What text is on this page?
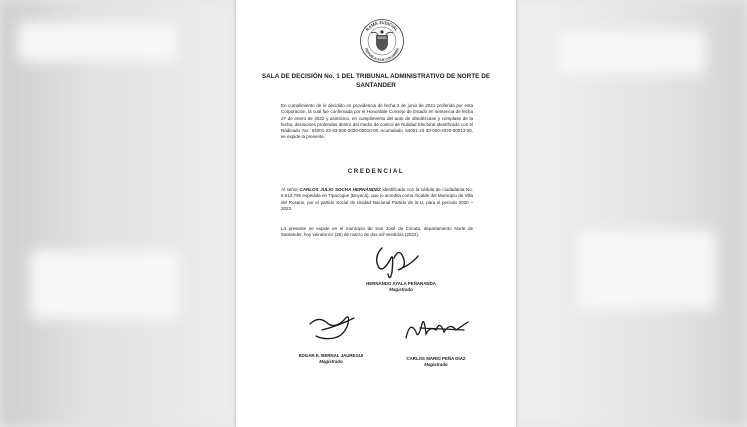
RAMA JUDICIAL
REPUBLICA DE COLOMBIA
SALA DE DECISIÓN No. 1 DEL TRIBUNAL ADMINISTRATIVO DE NORTE DE SANTANDER
En cumplimiento de lo decidido en providencia de fecha 3 de junio de 2021 proferida por esta Corporación, la cual fue confirmada por el Honorable Consejo de Estado en sentencia de fecha 27 de enero de 2022 y asimismo, en cumplimiento del auto de obedézcase y cúmplase de la fecha, decisiones proferidas dentro del medio de control de Nulidad Electoral identificado con el Radicado No. 54001-23-33-000-2020-00010-00 Acumulado 54001-23-33-000-2020-00013-00, se expide la presente,
CREDENCIAL
Al señor CARLOS JULIO SOCHA HERNÁNDEZ identificado con la cédula de ciudadanía No. 6.612.705 expedida en Tipacoque (Boyacá), que lo acredita como Alcalde del Municipio de Villa del Rosario, por el partido Social de Unidad Nacional Partido de la U, para el periodo 2020 – 2023.
La presente se expide en el municipio de San José de Cúcuta, departamento Norte de Santander, hoy veinticinco (25) de marzo de dos mil veintidós (2022).
HERNANDO AYALA PEÑARANDA
Magistrado
EDGAR E. BERNAL JAUREGUI
Magistrado
CARLOS MARIO PEÑA DÍAZ
Magistrado
